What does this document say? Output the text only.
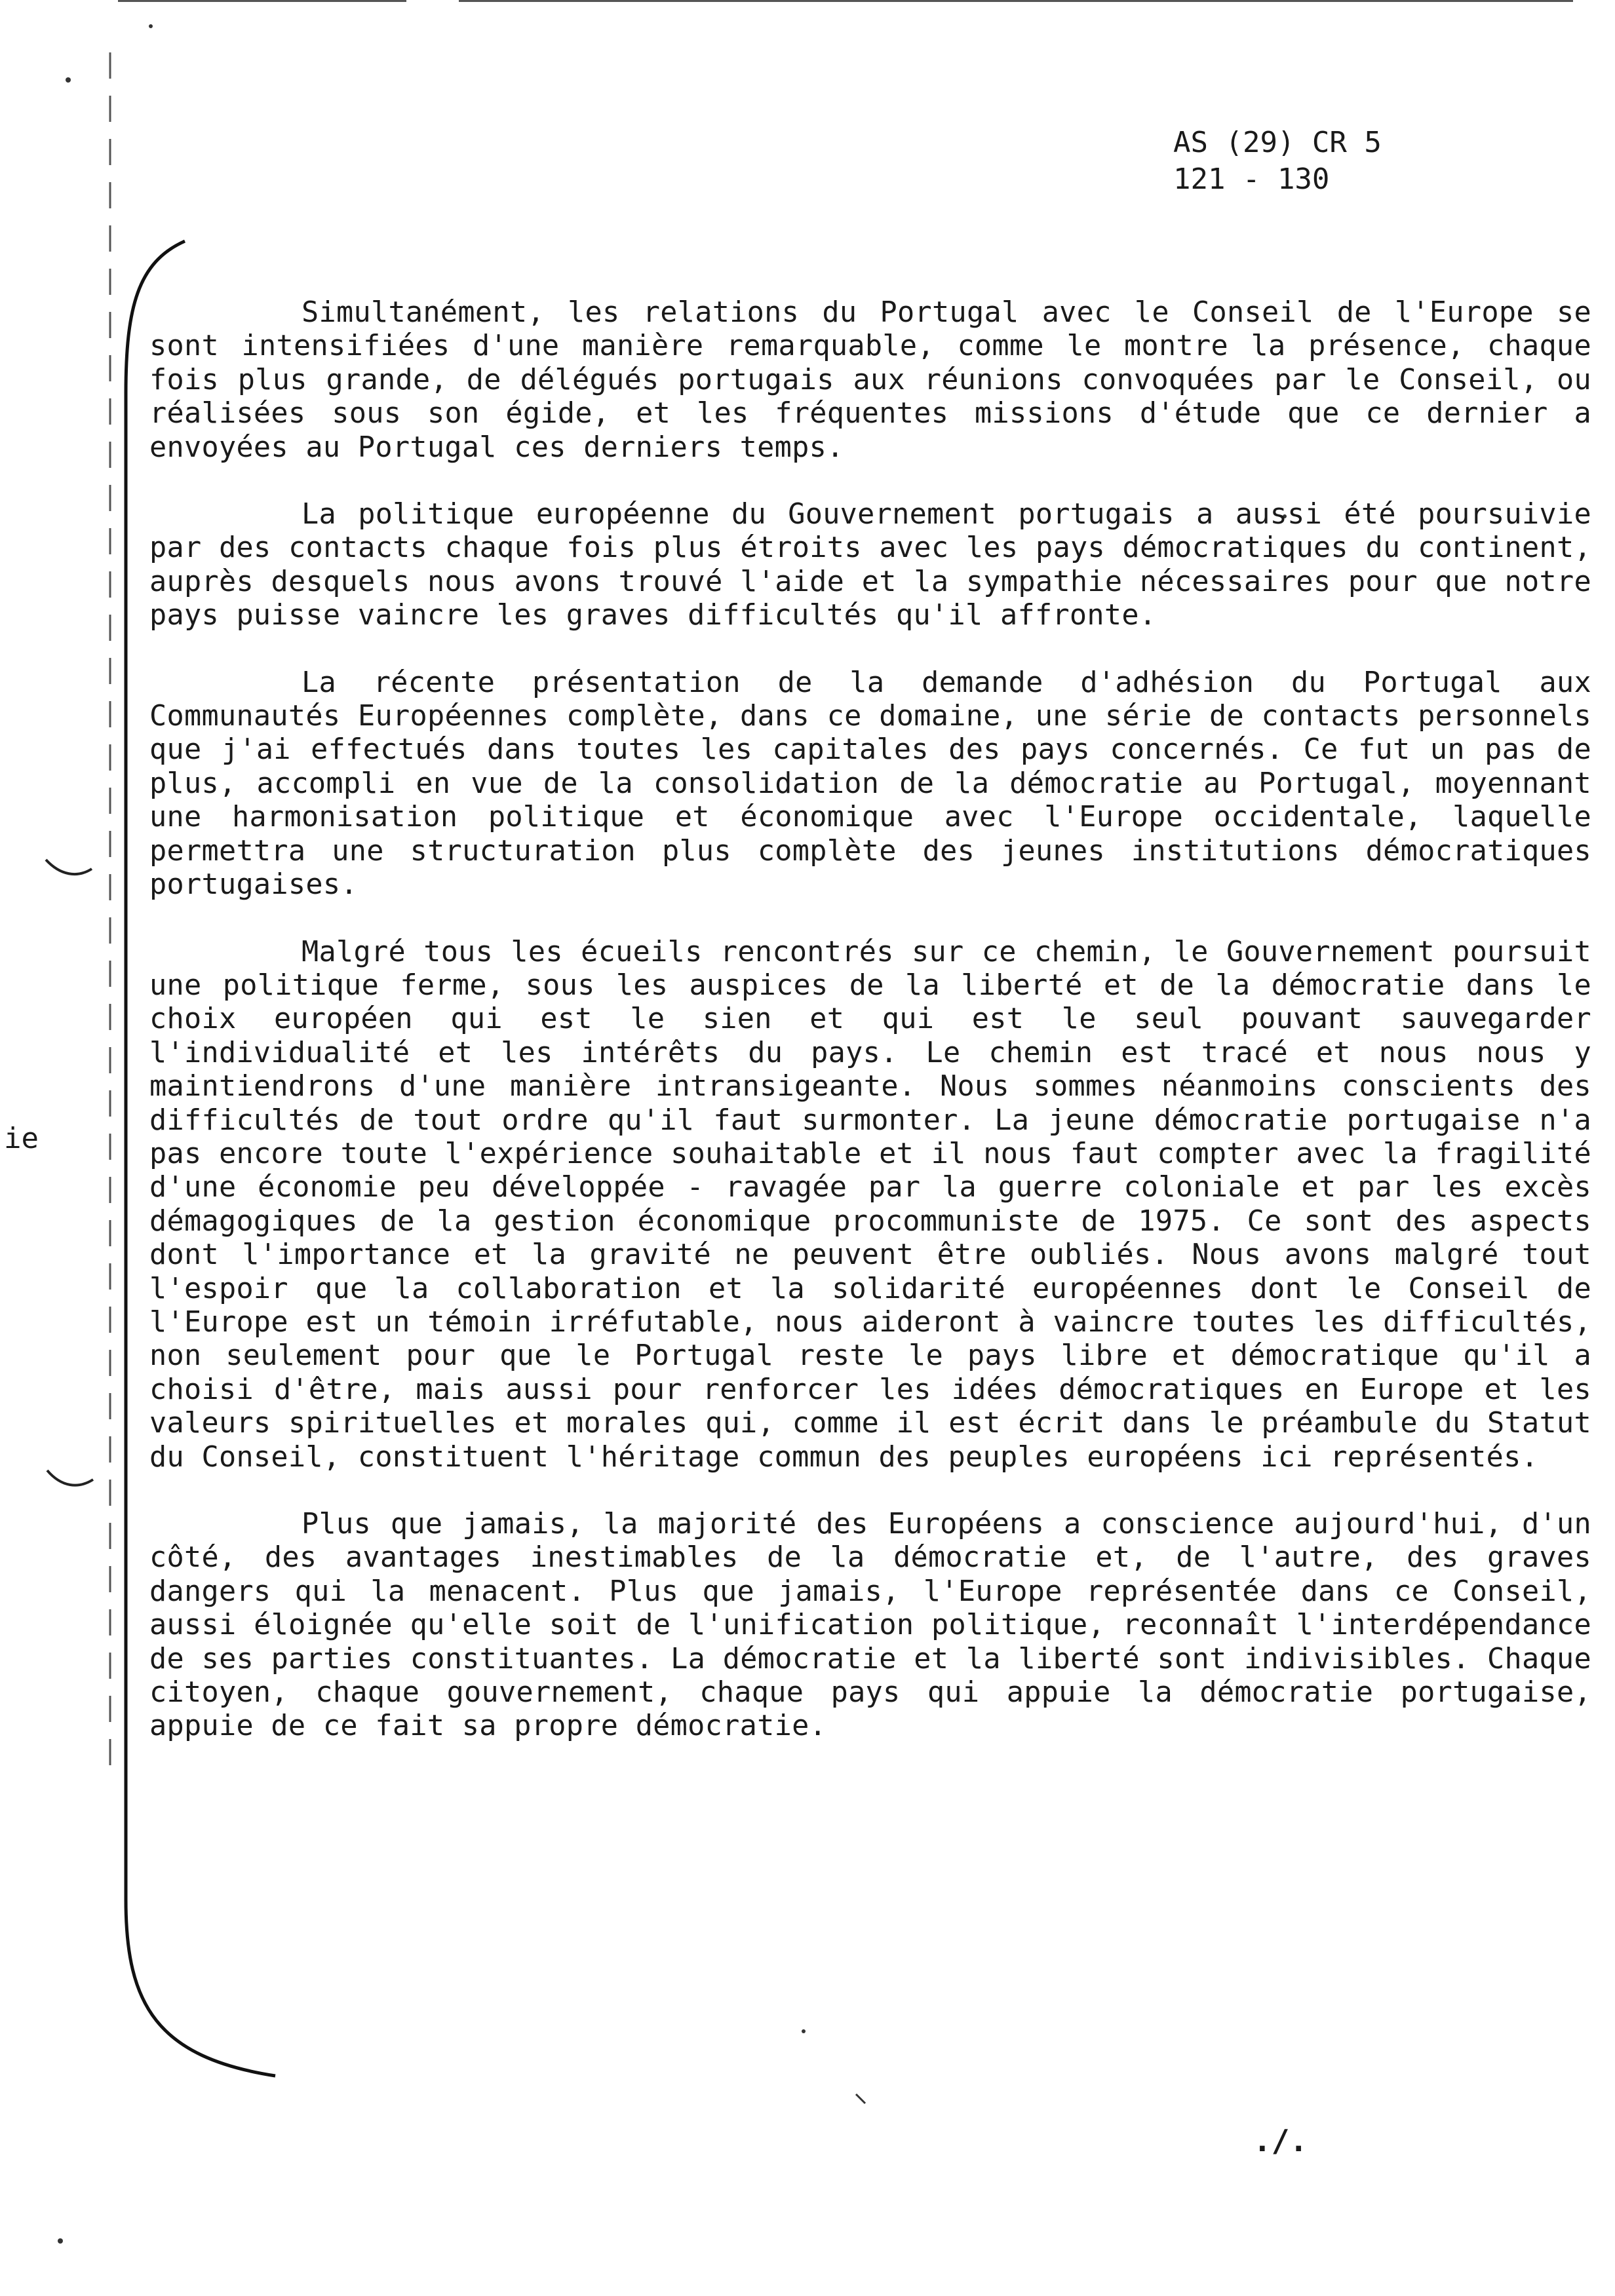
AS (29) CR 5
121 - 130
ie

Simultanément, les relations du Portugal avec le Conseil de l'Europe se sont intensifiées d'une manière remarquable, comme le montre la présence, chaque fois plus grande, de délégués portugais aux réunions convoquées par le Conseil, ou réalisées sous son égide, et les fréquentes missions d'étude que ce dernier a envoyées au Portugal ces derniers temps.

La politique européenne du Gouvernement portugais a aussi été poursuivie par des contacts chaque fois plus étroits avec les pays démocratiques du continent, auprès desquels nous avons trouvé l'aide et la sympathie nécessaires pour que notre pays puisse vaincre les graves difficultés qu'il affronte.

La récente présentation de la demande d'adhésion du Portugal aux Communautés Européennes complète, dans ce domaine, une série de contacts personnels que j'ai effectués dans toutes les capitales des pays concernés. Ce fut un pas de plus, accompli en vue de la consolidation de la démocratie au Portugal, moyennant une harmonisation politique et économique avec l'Europe occidentale, laquelle permettra une structuration plus complète des jeunes institutions démocratiques portugaises.

Malgré tous les écueils rencontrés sur ce chemin, le Gouvernement poursuit une politique ferme, sous les auspices de la liberté et de la démocratie dans le choix européen qui est le sien et qui est le seul pouvant sauvegarder l'individualité et les intérêts du pays. Le chemin est tracé et nous nous y maintiendrons d'une manière intransigeante. Nous sommes néanmoins conscients des difficultés de tout ordre qu'il faut surmonter. La jeune démocratie portugaise n'a pas encore toute l'expérience souhaitable et il nous faut compter avec la fragilité d'une économie peu développée - ravagée par la guerre coloniale et par les excès démagogiques de la gestion économique procommuniste de 1975. Ce sont des aspects dont l'importance et la gravité ne peuvent être oubliés. Nous avons malgré tout l'espoir que la collaboration et la solidarité européennes dont le Conseil de l'Europe est un témoin irréfutable, nous aideront à vaincre toutes les difficultés, non seulement pour que le Portugal reste le pays libre et démocratique qu'il a choisi d'être, mais aussi pour renforcer les idées démocratiques en Europe et les valeurs spirituelles et morales qui, comme il est écrit dans le préambule du Statut du Conseil, constituent l'héritage commun des peuples européens ici représentés.

Plus que jamais, la majorité des Européens a conscience aujourd'hui, d'un côté, des avantages inestimables de la démocratie et, de l'autre, des graves dangers qui la menacent. Plus que jamais, l'Europe représentée dans ce Conseil, aussi éloignée qu'elle soit de l'unification politique, reconnaît l'interdépendance de ses parties constituantes. La démocratie et la liberté sont indivisibles. Chaque citoyen, chaque gouvernement, chaque pays qui appuie la démocratie portugaise, appuie de ce fait sa propre démocratie.

./.
